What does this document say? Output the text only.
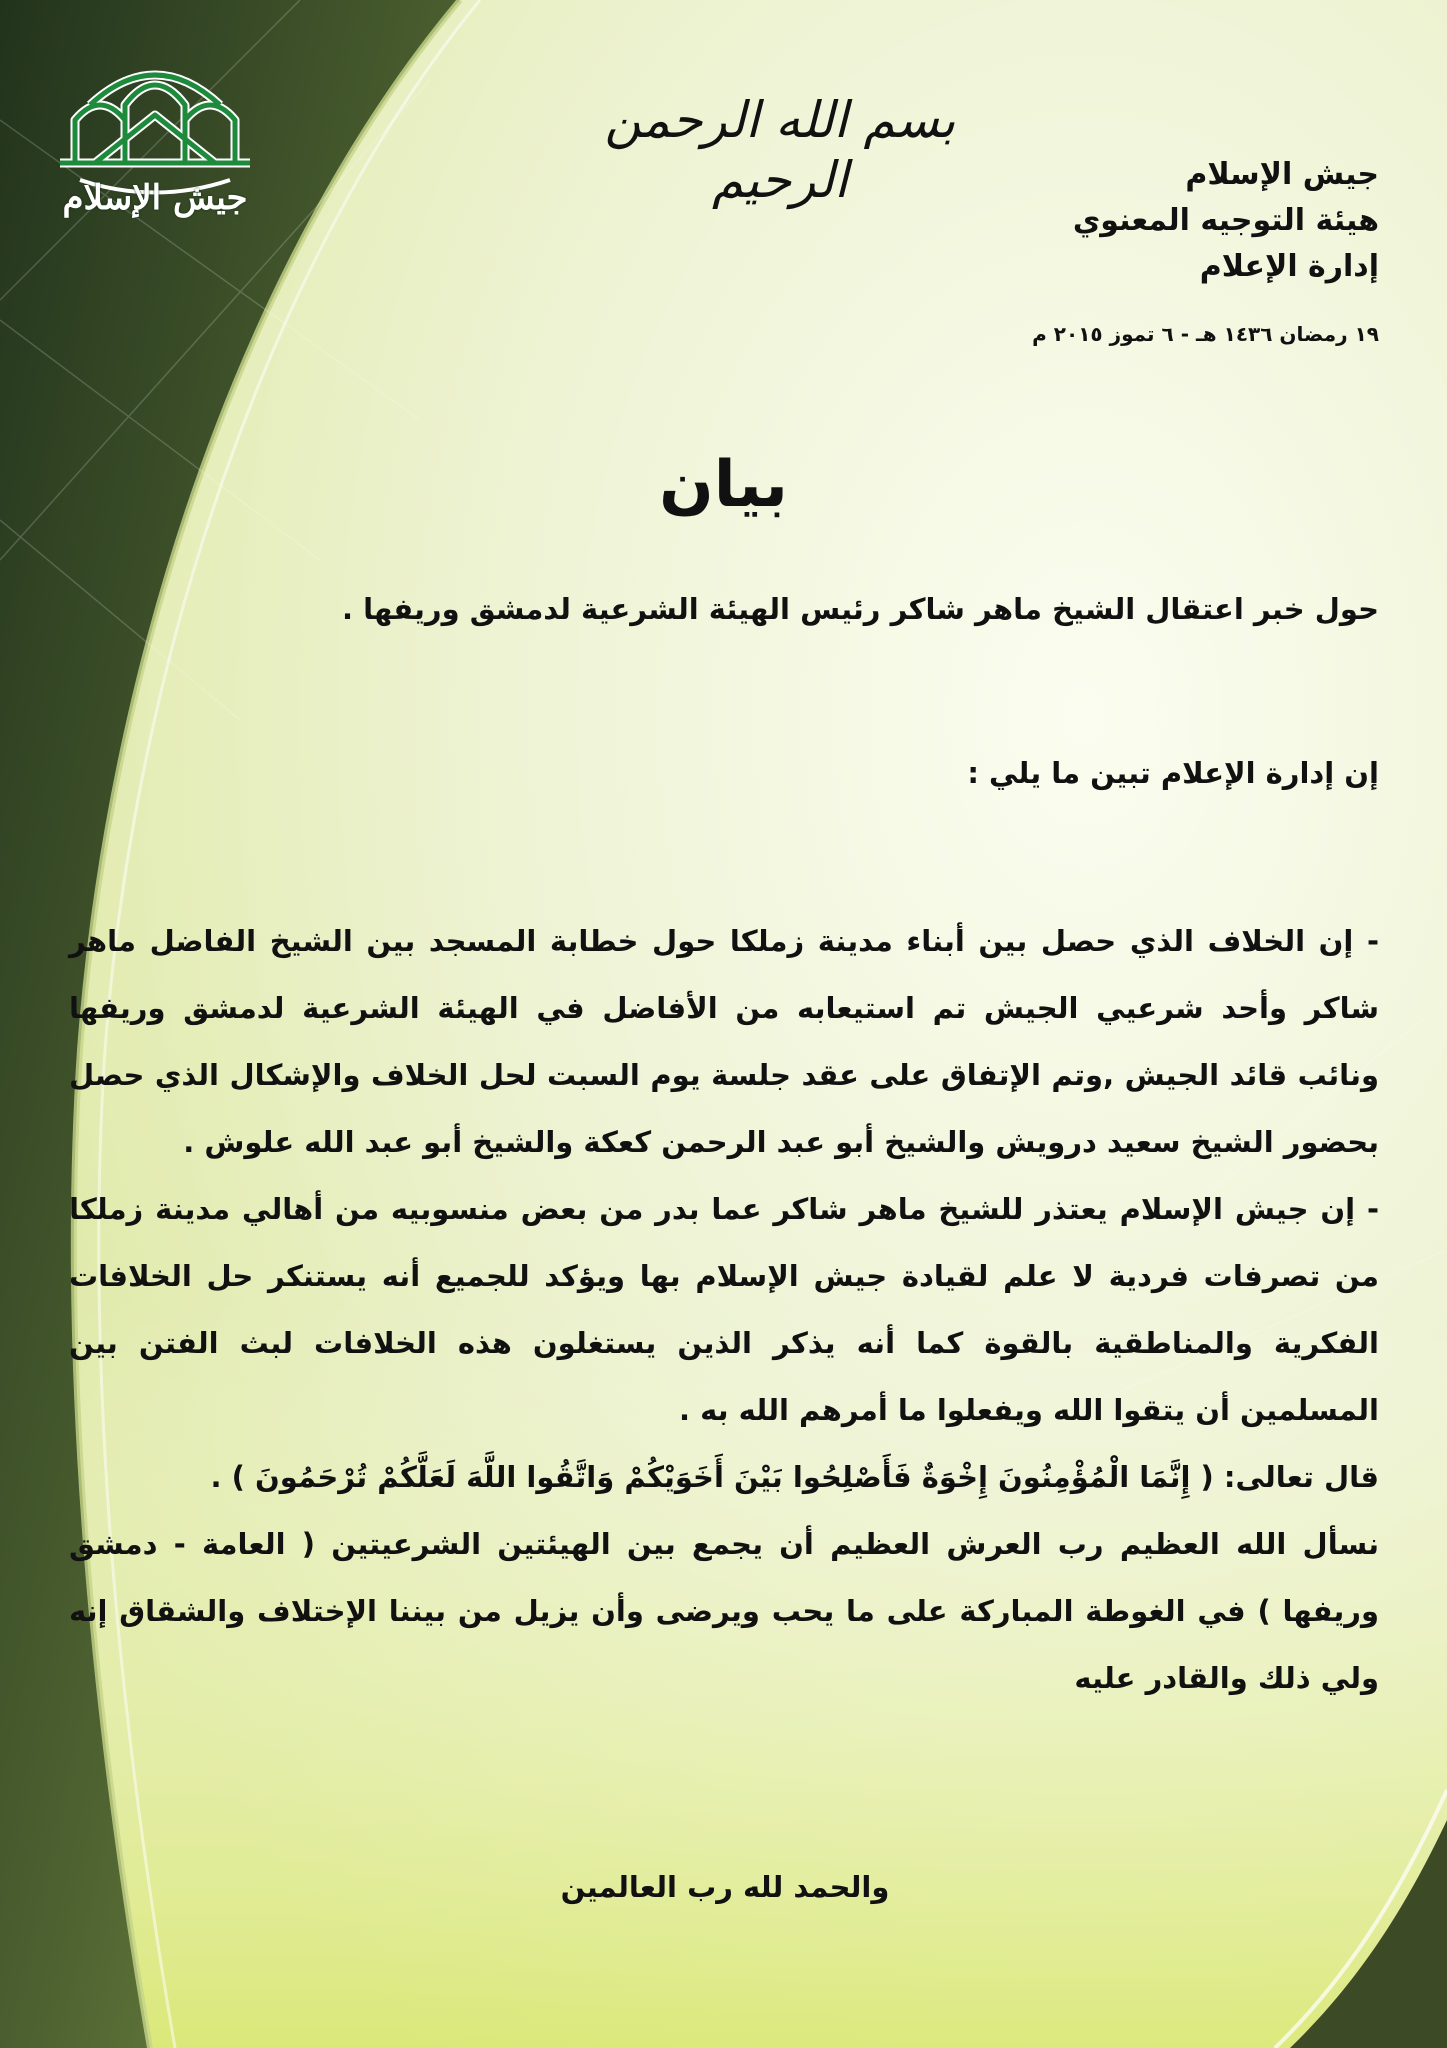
جيش الإسلام
بسم الله الرحمن الرحيم	جيش الإسلام
هيئة التوجيه المعنوي
إدارة الإعلام
١٩ رمضان ١٤٣٦ هـ - ٦ تموز ٢٠١٥ م
بيان
حول خبر اعتقال الشيخ ماهر شاكر رئيس الهيئة الشرعية لدمشق وريفها .
إن إدارة الإعلام تبين ما يلي :

- إن الخلاف الذي حصل بين أبناء مدينة زملكا حول خطابة المسجد بين الشيخ الفاضل ماهر شاكر وأحد شرعيي الجيش تم استيعابه من الأفاضل في الهيئة الشرعية لدمشق وريفها ونائب قائد الجيش ,وتم الإتفاق على عقد جلسة يوم السبت لحل الخلاف والإشكال الذي حصل بحضور الشيخ سعيد درويش والشيخ أبو عبد الرحمن كعكة والشيخ أبو عبد الله علوش .

- إن جيش الإسلام يعتذر للشيخ ماهر شاكر عما بدر من بعض منسوبيه من أهالي مدينة زملكا من تصرفات فردية لا علم لقيادة جيش الإسلام بها ويؤكد للجميع أنه يستنكر حل الخلافات الفكرية والمناطقية بالقوة كما أنه يذكر الذين يستغلون هذه الخلافات لبث الفتن بين المسلمين أن يتقوا الله ويفعلوا ما أمرهم الله به .

قال تعالى: ( إِنَّمَا الْمُؤْمِنُونَ إِخْوَةٌ فَأَصْلِحُوا بَيْنَ أَخَوَيْكُمْ وَاتَّقُوا اللَّهَ لَعَلَّكُمْ تُرْحَمُونَ ) .

نسأل الله العظيم رب العرش العظيم أن يجمع بين الهيئتين الشرعيتين ( العامة - دمشق وريفها ) في الغوطة المباركة على ما يحب ويرضى وأن يزيل من بيننا الإختلاف والشقاق إنه ولي ذلك والقادر عليه

والحمد لله رب العالمين
